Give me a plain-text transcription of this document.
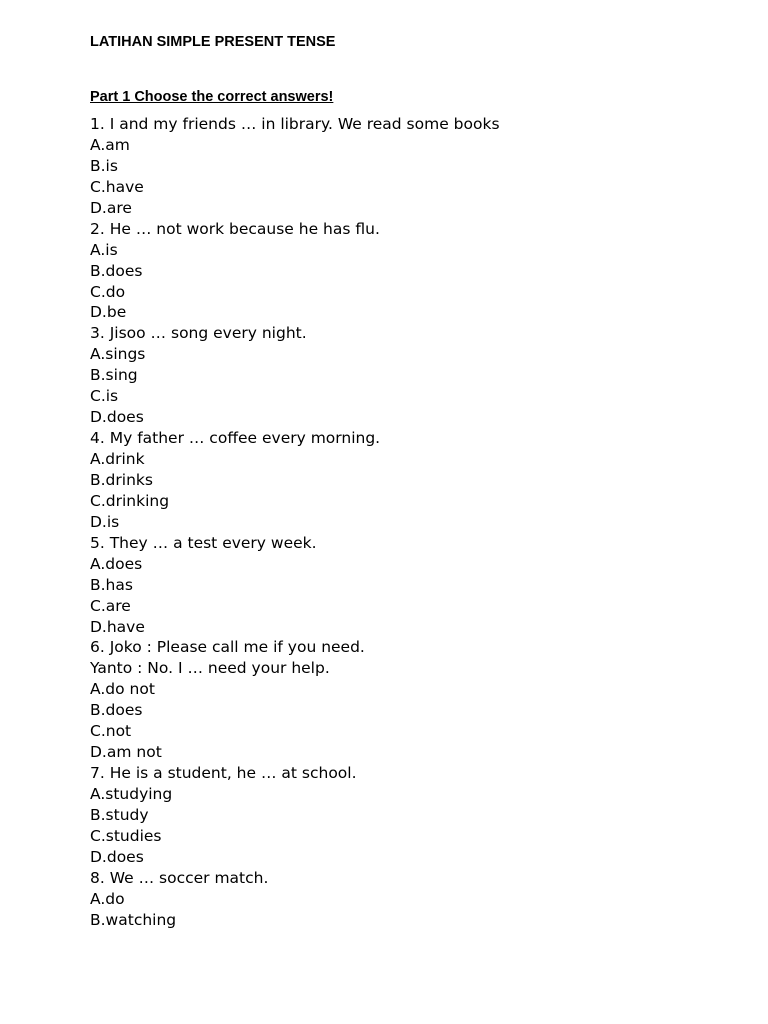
LATIHAN SIMPLE PRESENT TENSE
Part 1 Choose the correct answers!
1. I and my friends … in library. We read some books
A.am
B.is
C.have
D.are
2. He … not work because he has flu.
A.is
B.does
C.do
D.be
3. Jisoo … song every night.
A.sings
B.sing
C.is
D.does
4. My father … coffee every morning.
A.drink
B.drinks
C.drinking
D.is
5. They … a test every week.
A.does
B.has
C.are
D.have
6. Joko : Please call me if you need.
Yanto : No. I … need your help.
A.do not
B.does
C.not
D.am not
7. He is a student, he … at school.
A.studying
B.study
C.studies
D.does
8. We … soccer match.
A.do
B.watching
